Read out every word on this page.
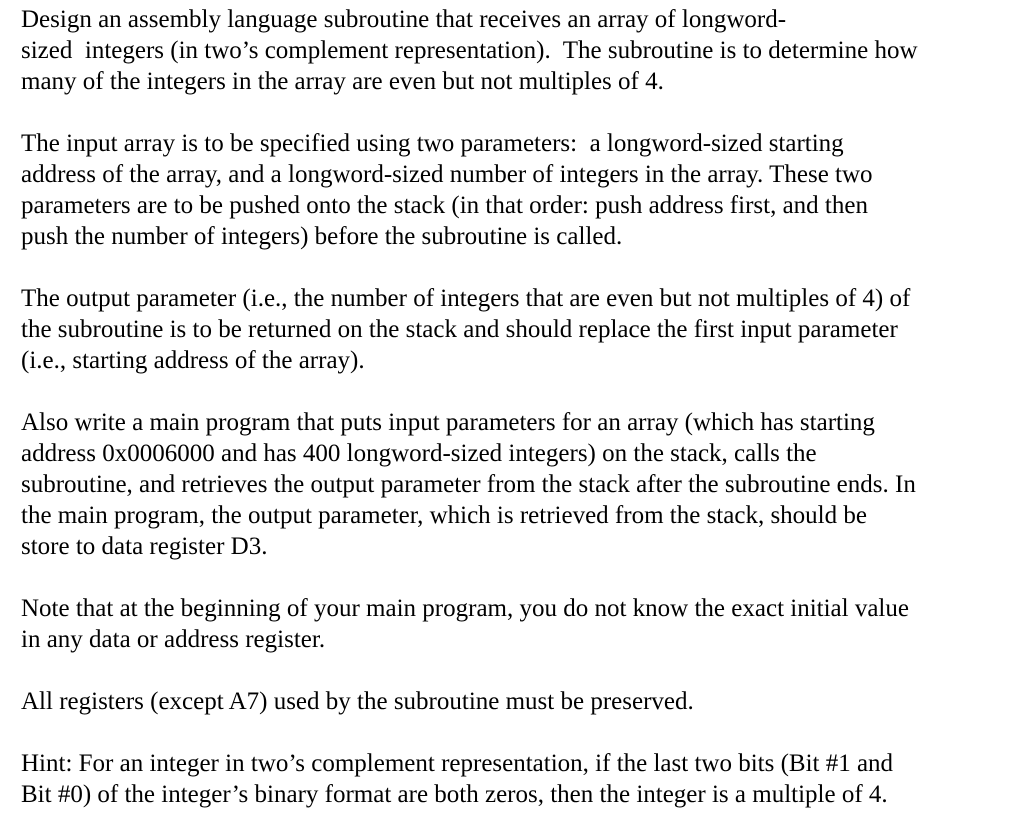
Design an assembly language subroutine that receives an array of longword-
sized  integers (in two’s complement representation).  The subroutine is to determine how
many of the integers in the array are even but not multiples of 4.
The input array is to be specified using two parameters:  a longword-sized starting
address of the array, and a longword-sized number of integers in the array. These two
parameters are to be pushed onto the stack (in that order: push address first, and then
push the number of integers) before the subroutine is called.
The output parameter (i.e., the number of integers that are even but not multiples of 4) of
the subroutine is to be returned on the stack and should replace the first input parameter
(i.e., starting address of the array).
Also write a main program that puts input parameters for an array (which has starting
address 0x0006000 and has 400 longword-sized integers) on the stack, calls the
subroutine, and retrieves the output parameter from the stack after the subroutine ends. In
the main program, the output parameter, which is retrieved from the stack, should be
store to data register D3.
Note that at the beginning of your main program, you do not know the exact initial value
in any data or address register.
All registers (except A7) used by the subroutine must be preserved.
Hint: For an integer in two’s complement representation, if the last two bits (Bit #1 and
Bit #0) of the integer’s binary format are both zeros, then the integer is a multiple of 4.
